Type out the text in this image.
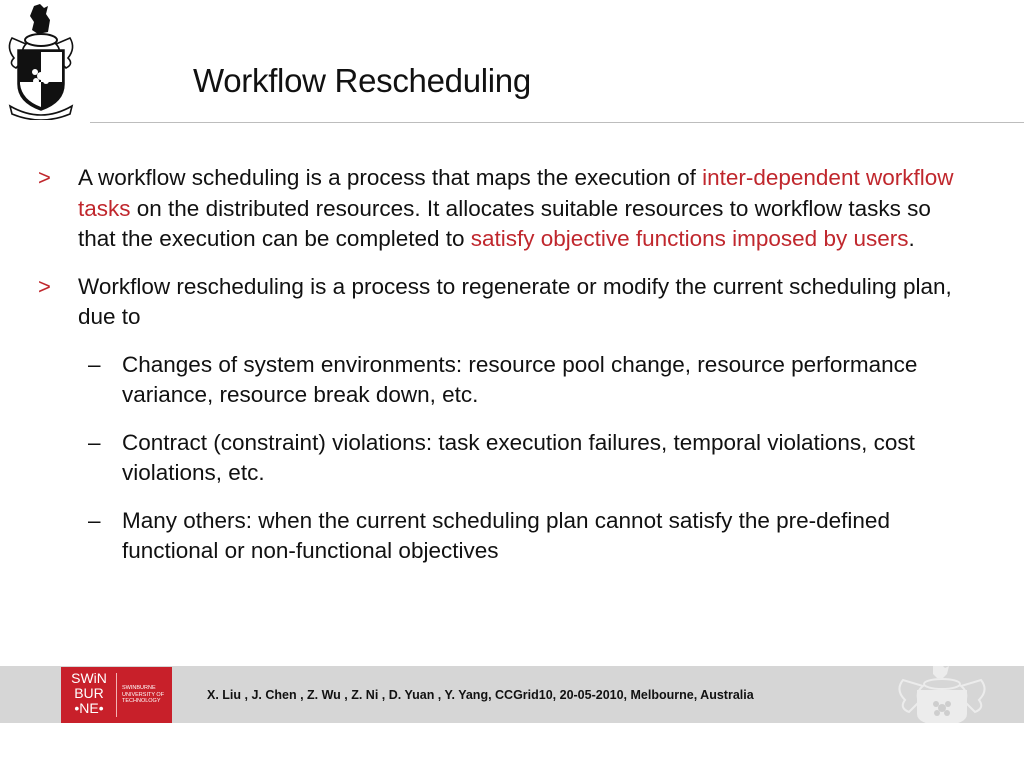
Workflow Rescheduling
> A workflow scheduling is a process that maps the execution of inter-dependent workflow tasks on the distributed resources. It allocates suitable resources to workflow tasks so that the execution can be completed to satisfy objective functions imposed by users.
> Workflow rescheduling is a process to regenerate or modify the current scheduling plan, due to
– Changes of system environments: resource pool change, resource performance variance, resource break down, etc.
– Contract (constraint) violations: task execution failures, temporal violations, cost violations, etc.
– Many others: when the current scheduling plan cannot satisfy the pre-defined functional or non-functional objectives
SWiN
BUR
•NE•
SWINBURNE
UNIVERSITY OF
TECHNOLOGY	X. Liu , J. Chen , Z. Wu , Z. Ni , D. Yuan , Y. Yang, CCGrid10, 20-05-2010, Melbourne, Australia
